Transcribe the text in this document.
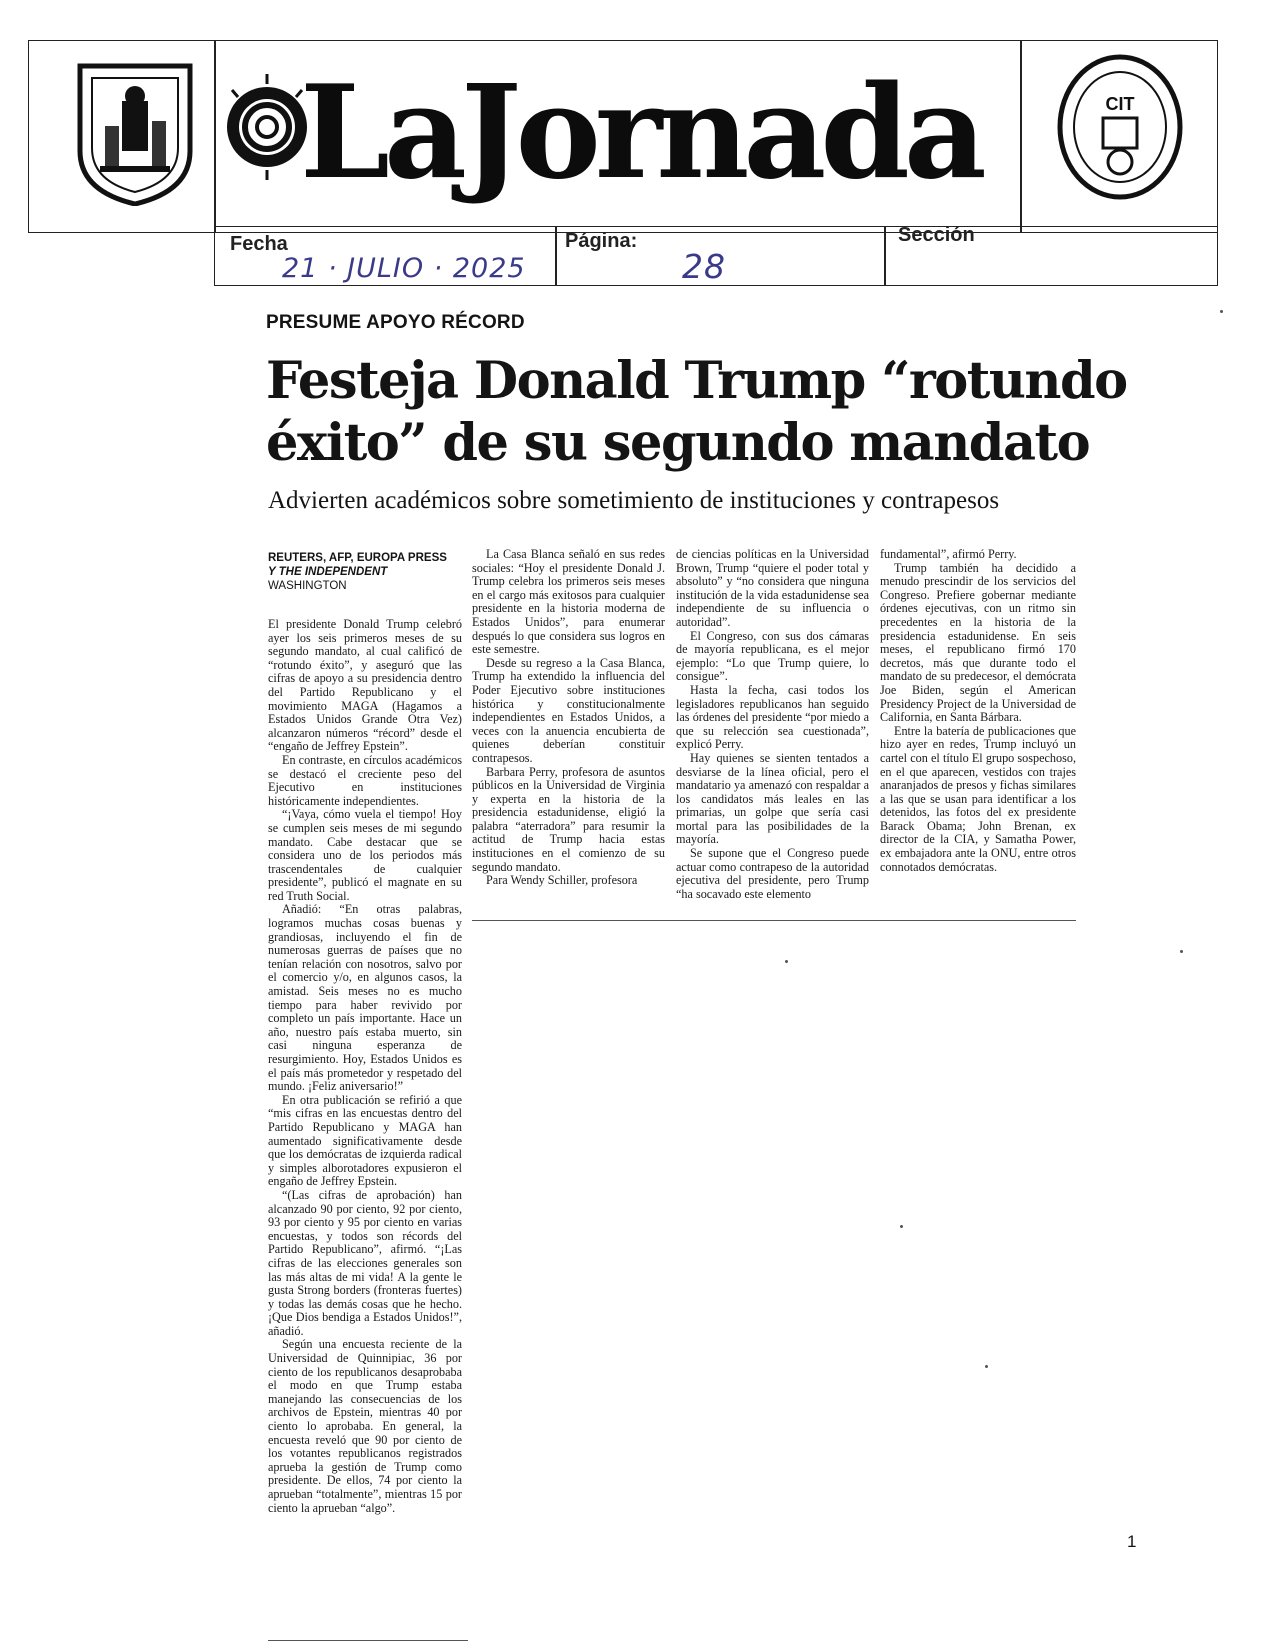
LaJornada	CIT
Fecha
21 · JULIO · 2025
Página:
28
Sección
PRESUME APOYO RÉCORD
Festeja Donald Trump “rotundo
éxito” de su segundo mandato
Advierten académicos sobre sometimiento de instituciones y contrapesos
REUTERS, AFP, EUROPA PRESS
Y THE INDEPENDENT
WASHINGTON

El presidente Donald Trump celebró ayer los seis primeros meses de su segundo mandato, al cual calificó de “rotundo éxito”, y aseguró que las cifras de apoyo a su presidencia dentro del Partido Republicano y el movimiento MAGA (Hagamos a Estados Unidos Grande Otra Vez) alcanzaron números “récord” desde el “engaño de Jeffrey Epstein”.

En contraste, en círculos académicos se destacó el creciente peso del Ejecutivo en instituciones históricamente independientes.

“¡Vaya, cómo vuela el tiempo! Hoy se cumplen seis meses de mi segundo mandato. Cabe destacar que se considera uno de los periodos más trascendentales de cualquier presidente”, publicó el magnate en su red Truth Social.

Añadió: “En otras palabras, logramos muchas cosas buenas y grandiosas, incluyendo el fin de numerosas guerras de países que no tenían relación con nosotros, salvo por el comercio y/o, en algunos casos, la amistad. Seis meses no es mucho tiempo para haber revivido por completo un país importante. Hace un año, nuestro país estaba muerto, sin casi ninguna esperanza de resurgimiento. Hoy, Estados Unidos es el país más prometedor y respetado del mundo. ¡Feliz aniversario!”

En otra publicación se refirió a que “mis cifras en las encuestas dentro del Partido Republicano y MAGA han aumentado significativamente desde que los demócratas de izquierda radical y simples alborotadores expusieron el engaño de Jeffrey Epstein.

“(Las cifras de aprobación) han alcanzado 90 por ciento, 92 por ciento, 93 por ciento y 95 por ciento en varias encuestas, y todos son récords del Partido Republicano”, afirmó. “¡Las cifras de las elecciones generales son las más altas de mi vida! A la gente le gusta Strong borders (fronteras fuertes) y todas las demás cosas que he hecho. ¡Que Dios bendiga a Estados Unidos!”, añadió.

Según una encuesta reciente de la Universidad de Quinnipiac, 36 por ciento de los republicanos desaprobaba el modo en que Trump estaba manejando las consecuencias de los archivos de Epstein, mientras 40 por ciento lo aprobaba. En general, la encuesta reveló que 90 por ciento de los votantes republicanos registrados aprueba la gestión de Trump como presidente. De ellos, 74 por ciento la aprueban “totalmente”, mientras 15 por ciento la aprueban “algo”.

La Casa Blanca señaló en sus redes sociales: “Hoy el presidente Donald J. Trump celebra los primeros seis meses en el cargo más exitosos para cualquier presidente en la historia moderna de Estados Unidos”, para enumerar después lo que considera sus logros en este semestre.

Desde su regreso a la Casa Blanca, Trump ha extendido la influencia del Poder Ejecutivo sobre instituciones histórica y constitucionalmente independientes en Estados Unidos, a veces con la anuencia encubierta de quienes deberían constituir contrapesos.

Barbara Perry, profesora de asuntos públicos en la Universidad de Virginia y experta en la historia de la presidencia estadunidense, eligió la palabra “aterradora” para resumir la actitud de Trump hacia estas instituciones en el comienzo de su segundo mandato.

Para Wendy Schiller, profesora

de ciencias políticas en la Universidad Brown, Trump “quiere el poder total y absoluto” y “no considera que ninguna institución de la vida estadunidense sea independiente de su influencia o autoridad”.

El Congreso, con sus dos cámaras de mayoría republicana, es el mejor ejemplo: “Lo que Trump quiere, lo consigue”.

Hasta la fecha, casi todos los legisladores republicanos han seguido las órdenes del presidente “por miedo a que su relección sea cuestionada”, explicó Perry.

Hay quienes se sienten tentados a desviarse de la línea oficial, pero el mandatario ya amenazó con respaldar a los candidatos más leales en las primarias, un golpe que sería casi mortal para las posibilidades de la mayoría.

Se supone que el Congreso puede actuar como contrapeso de la autoridad ejecutiva del presidente, pero Trump “ha socavado este elemento

fundamental”, afirmó Perry.

Trump también ha decidido a menudo prescindir de los servicios del Congreso. Prefiere gobernar mediante órdenes ejecutivas, con un ritmo sin precedentes en la historia de la presidencia estadunidense. En seis meses, el republicano firmó 170 decretos, más que durante todo el mandato de su predecesor, el demócrata Joe Biden, según el American Presidency Project de la Universidad de California, en Santa Bárbara.

Entre la batería de publicaciones que hizo ayer en redes, Trump incluyó un cartel con el título El grupo sospechoso, en el que aparecen, vestidos con trajes anaranjados de presos y fichas similares a las que se usan para identificar a los detenidos, las fotos del ex presidente Barack Obama; John Brenan, ex director de la CIA, y Samatha Power, ex embajadora ante la ONU, entre otros connotados demócratas.

1
